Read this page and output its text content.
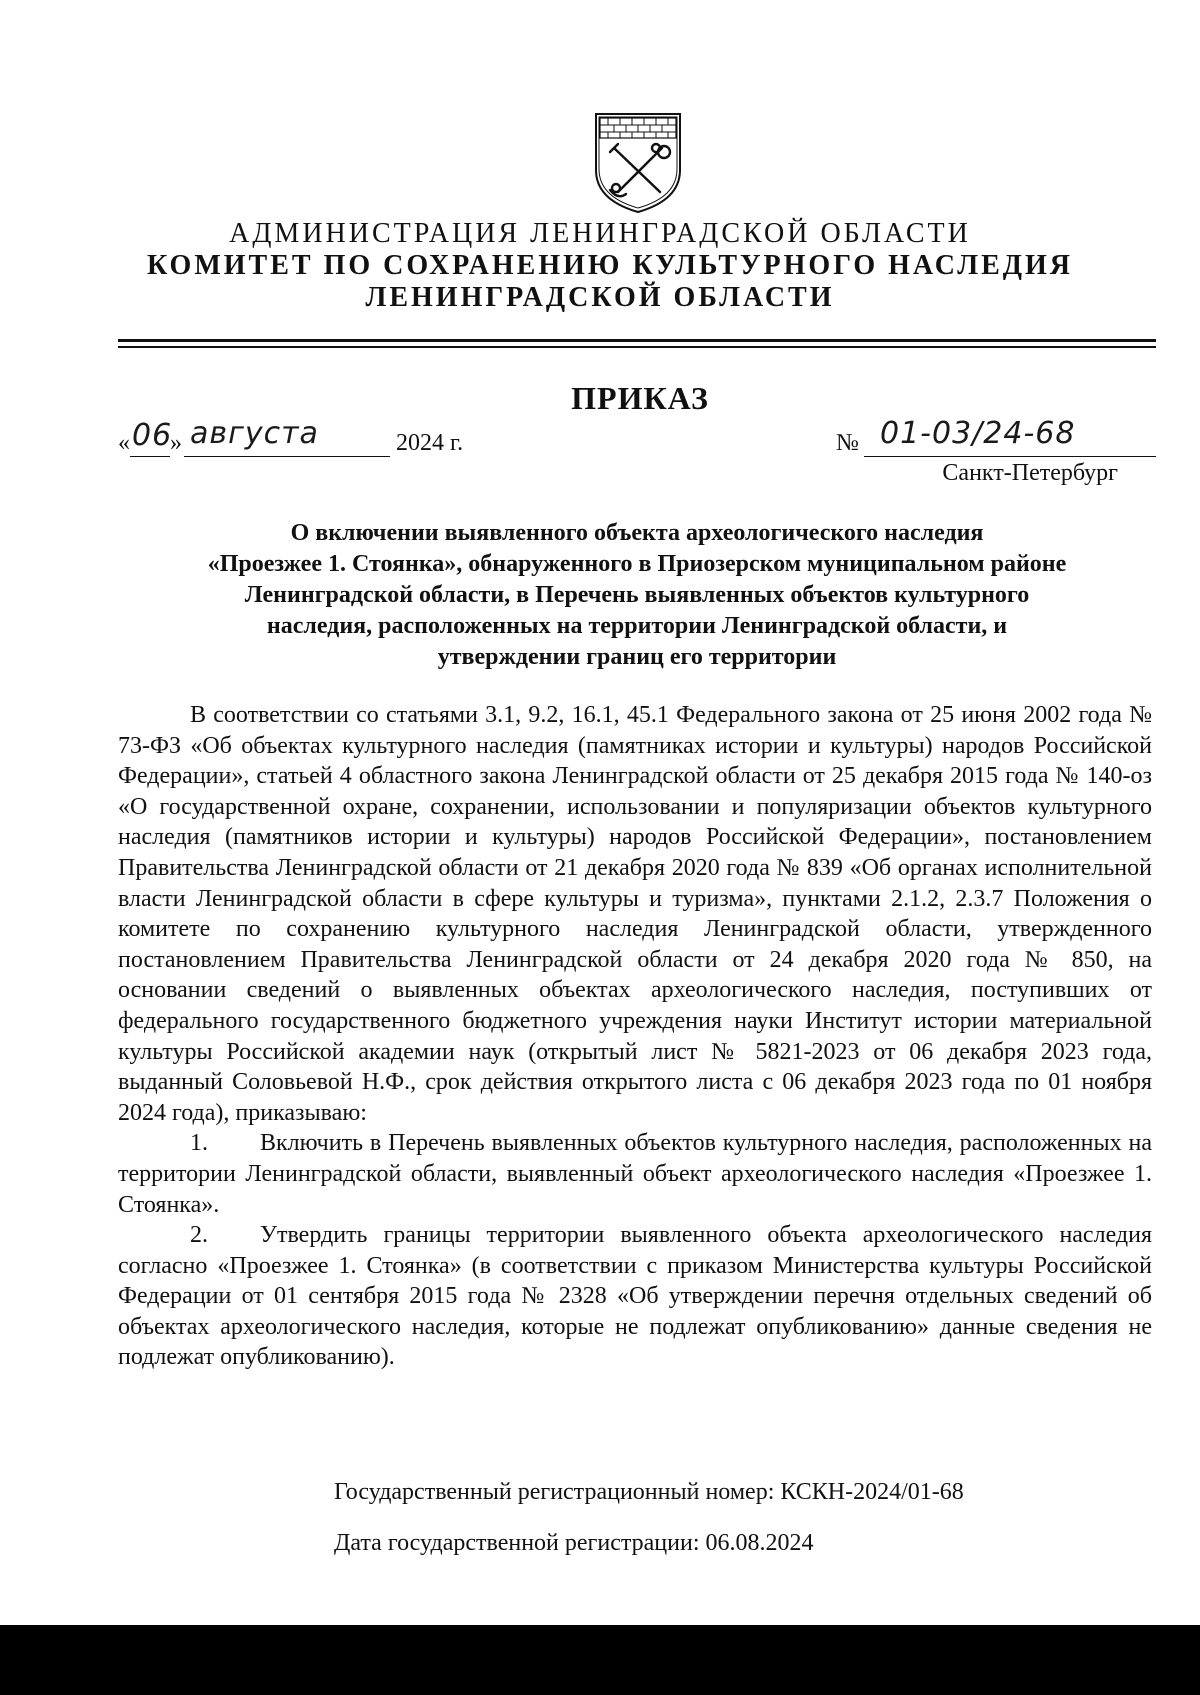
АДМИНИСТРАЦИЯ ЛЕНИНГРАДСКОЙ ОБЛАСТИ
КОМИТЕТ ПО СОХРАНЕНИЮ КУЛЬТУРНОГО НАСЛЕДИЯ
ЛЕНИНГРАДСКОЙ ОБЛАСТИ
ПРИКАЗ
« 06
» августа	2024 г.	№ 01-03/24-68
Санкт-Петербург
О включении выявленного объекта археологического наследия
«Проезжее 1. Стоянка», обнаруженного в Приозерском муниципальном районе
Ленинградской области, в Перечень выявленных объектов культурного
наследия, расположенных на территории Ленинградской области, и
утверждении границ его территории

В соответствии со статьями 3.1, 9.2, 16.1, 45.1 Федерального закона от 25 июня 2002 года № 73-ФЗ «Об объектах культурного наследия (памятниках истории и культуры) народов Российской Федерации», статьей 4 областного закона Ленинградской области от 25 декабря 2015 года № 140-оз «О государственной охране, сохранении, использовании и популяризации объектов культурного наследия (памятников истории и культуры) народов Российской Федерации», постановлением Правительства Ленинградской области от 21 декабря 2020 года № 839 «Об органах исполнительной власти Ленинградской области в сфере культуры и туризма», пунктами 2.1.2, 2.3.7 Положения о комитете по сохранению культурного наследия Ленинградской области, утвержденного постановлением Правительства Ленинградской области от 24 декабря 2020 года № 850, на основании сведений о выявленных объектах археологического наследия, поступивших от федерального государственного бюджетного учреждения науки Институт истории материальной культуры Российской академии наук (открытый лист № 5821-2023 от 06 декабря 2023 года, выданный Соловьевой Н.Ф., срок действия открытого листа с 06 декабря 2023 года по 01 ноября 2024 года), приказываю:

1. Включить в Перечень выявленных объектов культурного наследия, расположенных на территории Ленинградской области, выявленный объект археологического наследия «Проезжее 1. Стоянка».
2. Утвердить границы территории выявленного объекта археологического наследия согласно «Проезжее 1. Стоянка» (в соответствии с приказом Министерства культуры Российской Федерации от 01 сентября 2015 года № 2328 «Об утверждении перечня отдельных сведений об объектах археологического наследия, которые не подлежат опубликованию» данные сведения не подлежат опубликованию).
Государственный регистрационный номер: КСКН-2024/01-68
Дата государственной регистрации: 06.08.2024
